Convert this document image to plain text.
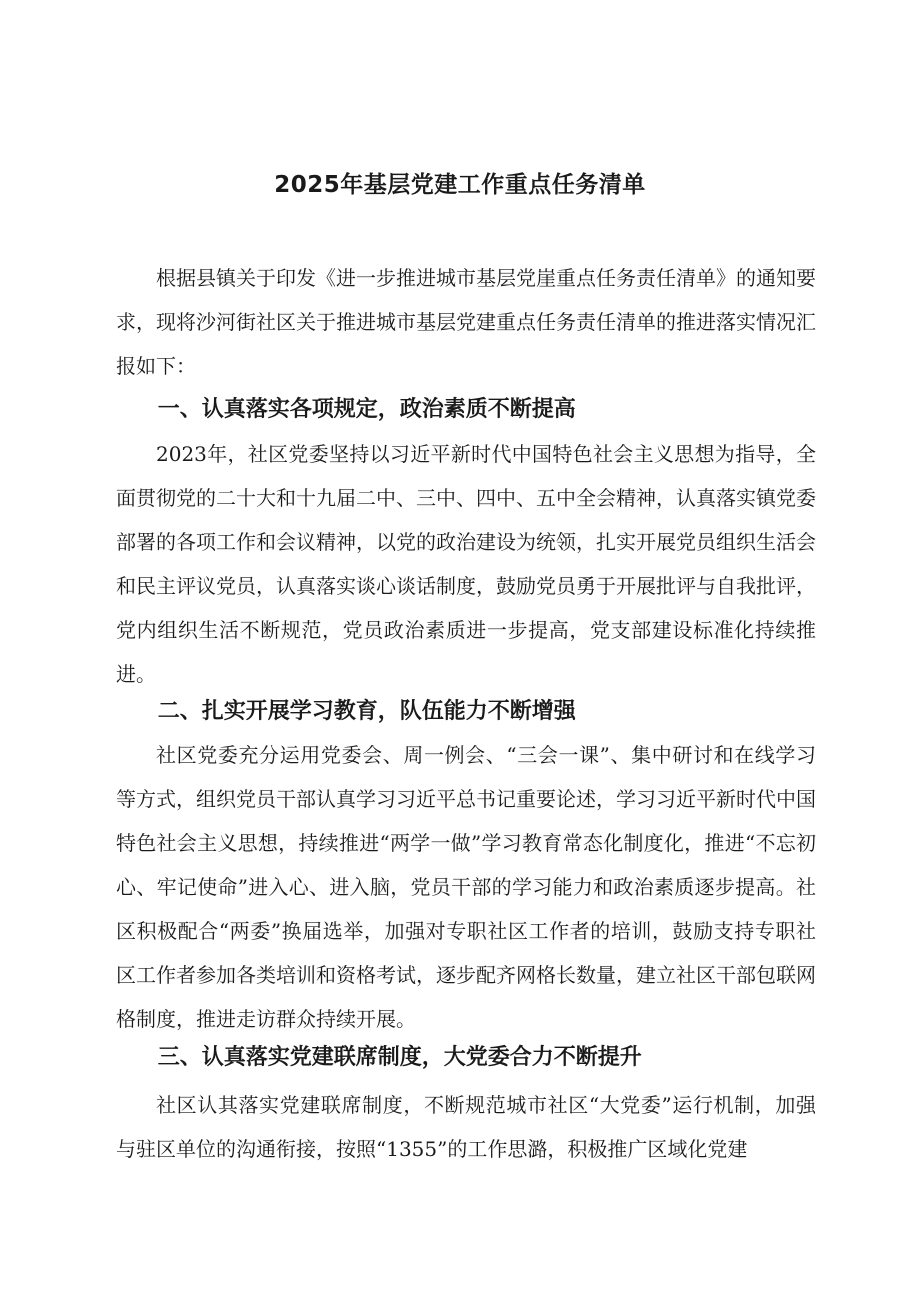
2025年基层党建工作重点任务清单

根据县镇关于印发《进一步推进城市基层党崖重点任务责任清单》的通知要求，现将沙河街社区关于推进城市基层党建重点任务责任清单的推进落实情况汇报如下：

一、认真落实各项规定，政治素质不断提高

2023年，社区党委坚持以习近平新时代中国特色社会主义思想为指导，全面贯彻党的二十大和十九届二中、三中、四中、五中全会精神，认真落实镇党委部署的各项工作和会议精神，以党的政治建设为统领，扎实开展党员组织生活会和民主评议党员，认真落实谈心谈话制度，鼓励党员勇于开展批评与自我批评，党内组织生活不断规范，党员政治素质进一步提高，党支部建设标准化持续推进。

二、扎实开展学习教育，队伍能力不断增强

社区党委充分运用党委会、周一例会、“三会一课”、集中研讨和在线学习等方式，组织党员干部认真学习习近平总书记重要论述，学习习近平新时代中国特色社会主义思想，持续推进“两学一做”学习教育常态化制度化，推进“不忘初心、牢记使命”进入心、进入脑，党员干部的学习能力和政治素质逐步提高。社区积极配合“两委”换届选举，加强对专职社区工作者的培训，鼓励支持专职社区工作者参加各类培训和资格考试，逐步配齐网格长数量，建立社区干部包联网格制度，推进走访群众持续开展。

三、认真落实党建联席制度，大党委合力不断提升

社区认其落实党建联席制度，不断规范城市社区“大党委”运行机制，加强与驻区单位的沟通衔接，按照“1355”的工作思潞，积极推广区域化党建
